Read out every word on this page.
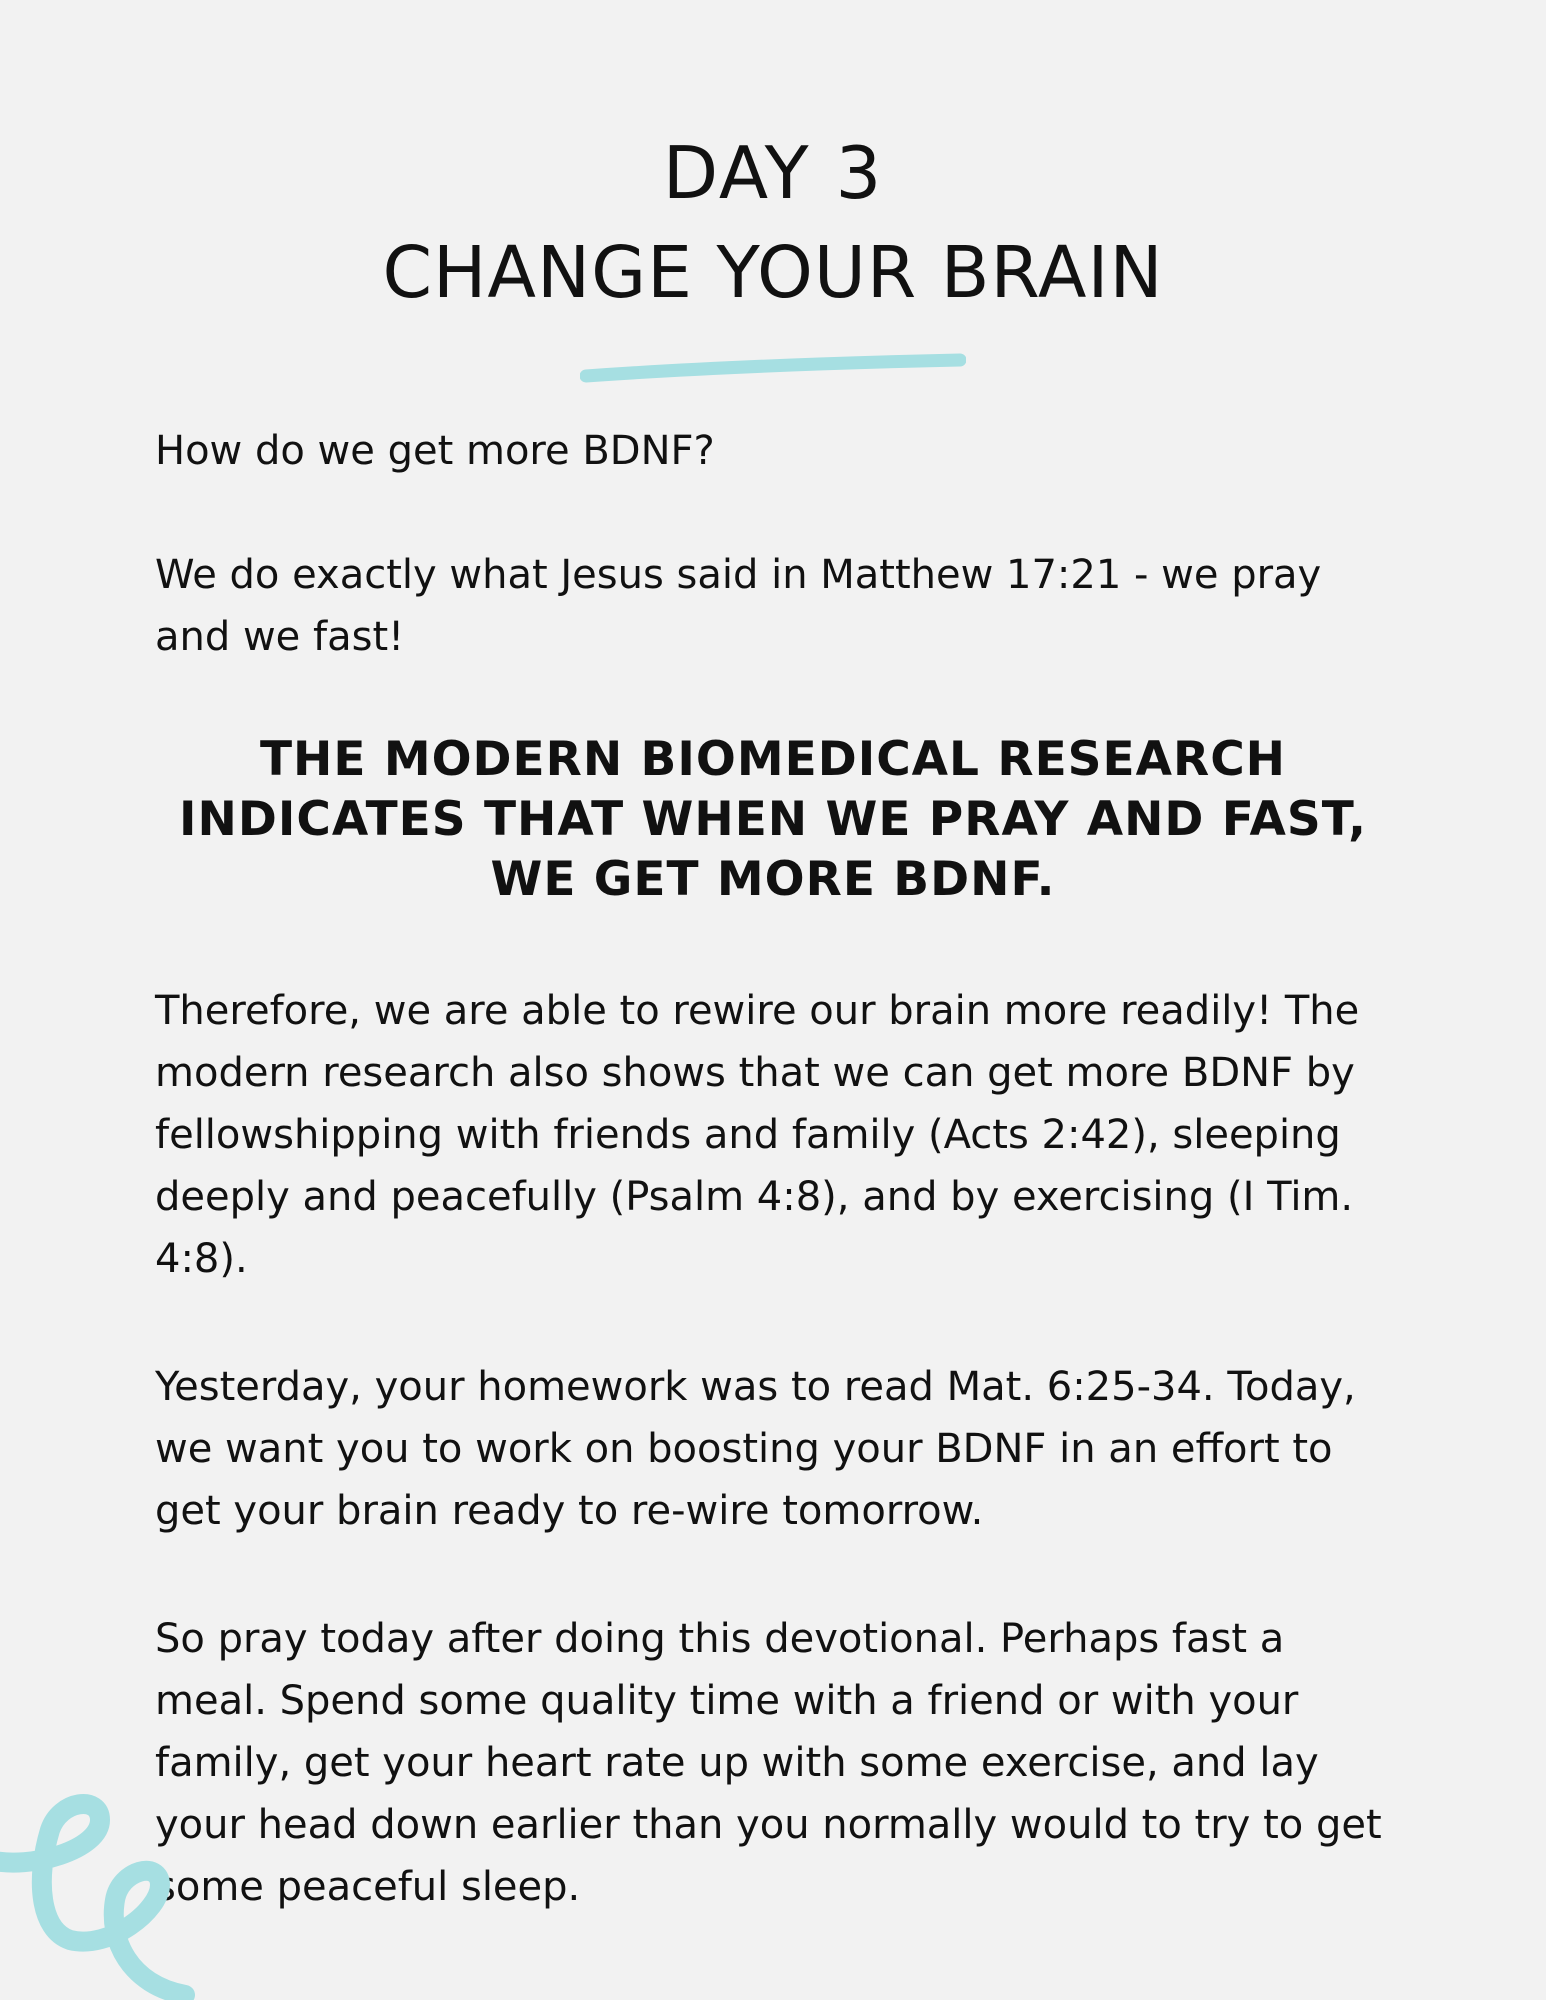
DAY 3
CHANGE YOUR BRAIN

How do we get more BDNF?

We do exactly what Jesus said in Matthew 17:21 - we pray and we fast!

THE MODERN BIOMEDICAL RESEARCH INDICATES THAT WHEN WE PRAY AND FAST, WE GET MORE BDNF.

Therefore, we are able to rewire our brain more readily! The modern research also shows that we can get more BDNF by fellowshipping with friends and family (Acts 2:42), sleeping deeply and peacefully (Psalm 4:8), and by exercising (I Tim. 4:8).

Yesterday, your homework was to read Mat. 6:25-34. Today, we want you to work on boosting your BDNF in an effort to get your brain ready to re-wire tomorrow.

So pray today after doing this devotional. Perhaps fast a meal. Spend some quality time with a friend or with your family, get your heart rate up with some exercise, and lay your head down earlier than you normally would to try to get some peaceful sleep.
